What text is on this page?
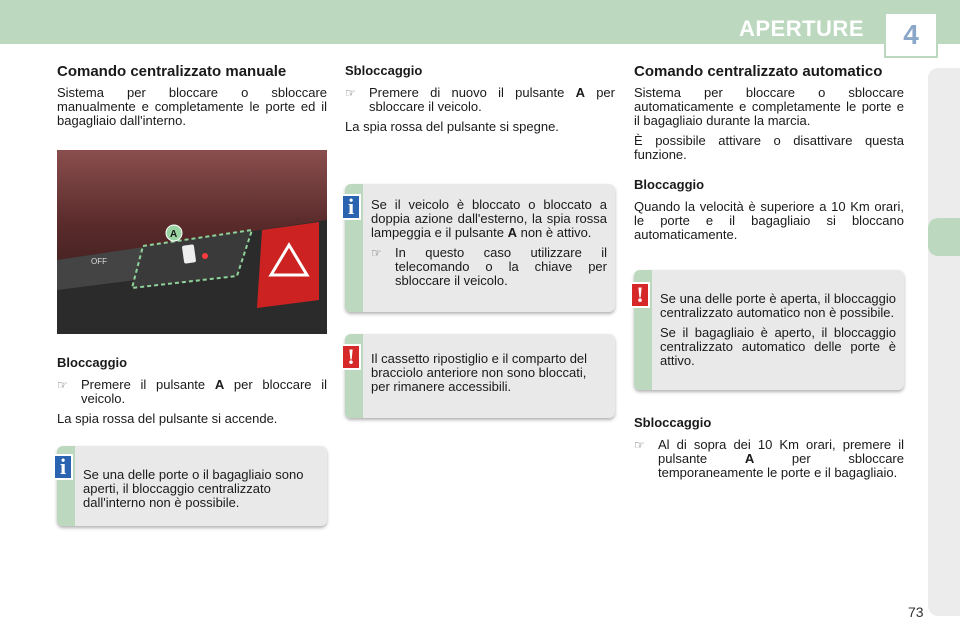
APERTURE	4
Comando centralizzato manuale

Sistema per bloccare o sbloccare manualmente e completamente le porte ed il bagagliaio dall'interno.

A
OFF
Bloccaggio
☞ Premere il pulsante A per bloccare il veicolo.

La spia rossa del pulsante si accende.

i	Se una delle porte o il bagagliaio sono aperti, il bloccaggio centralizzato dall'interno non è possibile.
Sbloccaggio
☞ Premere di nuovo il pulsante A per sbloccare il veicolo.

La spia rossa del pulsante si spegne.

i	Se il veicolo è bloccato o bloccato a doppia azione dall'esterno, la spia rossa lampeggia e il pulsante A non è attivo.

☞ In questo caso utilizzare il telecomando o la chiave per sbloccare il veicolo.
!	Il cassetto ripostiglio e il comparto del bracciolo anteriore non sono bloccati, per rimanere accessibili.
Comando centralizzato automatico

Sistema per bloccare o sbloccare automaticamente e completamente le porte e il bagagliaio durante la marcia.

È possibile attivare o disattivare questa funzione.

Bloccaggio

Quando la velocità è superiore a 10 Km orari, le porte e il bagagliaio si bloccano automaticamente.

!	Se una delle porte è aperta, il bloccaggio centralizzato automatico non è possibile.

Se il bagagliaio è aperto, il bloccaggio centralizzato automatico delle porte è attivo.

Sbloccaggio
☞ Al di sopra dei 10 Km orari, premere il pulsante A per sbloccare temporaneamente le porte e il bagagliaio.
73
